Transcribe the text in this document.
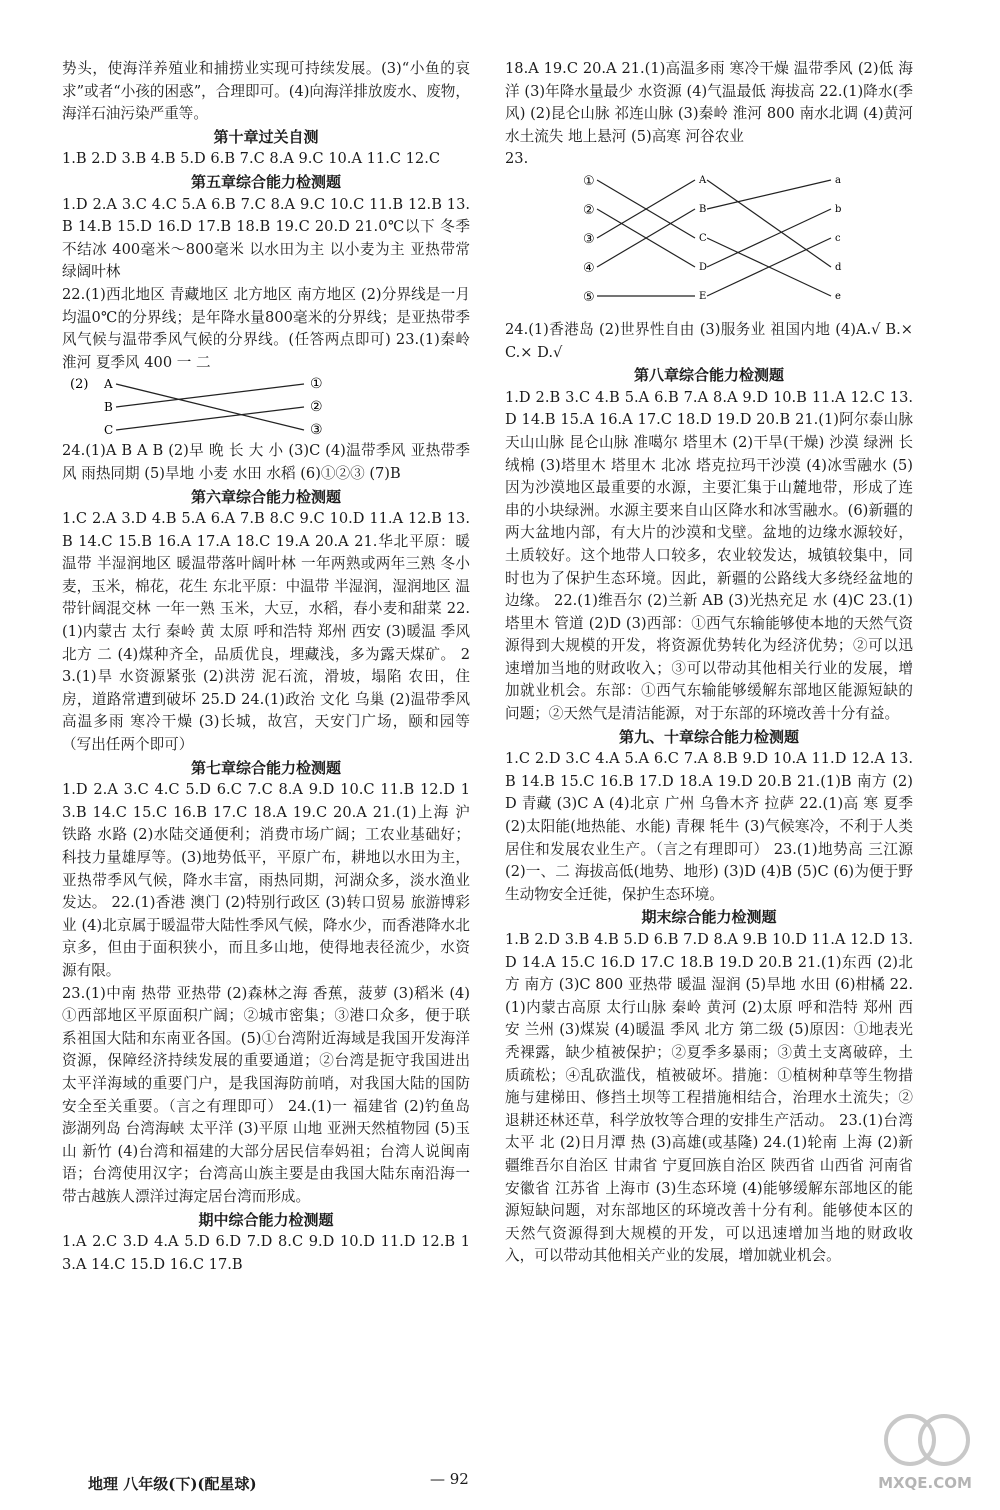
势头，使海洋养殖业和捕捞业实现可持续发展。(3)“小鱼的哀求”或者“小孩的困惑”，合理即可。(4)向海洋排放废水、废物，海洋石油污染严重等。

第十章过关自测

1.B 2.D 3.B 4.B 5.D 6.B 7.C 8.A 9.C 10.A 11.C 12.C

第五章综合能力检测题

1.D 2.A 3.C 4.C 5.A 6.B 7.C 8.A 9.C 10.C 11.B 12.B 13.B 14.B 15.D 16.D 17.B 18.B 19.C 20.D 21.0℃以下 冬季不结冰 400毫米～800毫米 以水田为主 以小麦为主 亚热带常绿阔叶林

22.(1)西北地区 青藏地区 北方地区 南方地区 (2)分界线是一月均温0℃的分界线；是年降水量800毫米的分界线；是亚热带季风气候与温带季风气候的分界线。(任答两点即可) 23.(1)秦岭 淮河 夏季风 400 一 二

(2) A
B
C
①
②
③

24.(1)A B A B (2)早 晚 长 大 小 (3)C (4)温带季风 亚热带季风 雨热同期 (5)旱地 小麦 水田 水稻 (6)①②③ (7)B

第六章综合能力检测题

1.C 2.A 3.D 4.B 5.A 6.A 7.B 8.C 9.C 10.D 11.A 12.B 13.B 14.C 15.B 16.A 17.A 18.C 19.A 20.A 21.华北平原：暖温带 半湿润地区 暖温带落叶阔叶林 一年两熟或两年三熟 冬小麦，玉米，棉花，花生 东北平原：中温带 半湿润，湿润地区 温带针阔混交林 一年一熟 玉米，大豆，水稻，春小麦和甜菜 22.(1)内蒙古 太行 秦岭 黄 太原 呼和浩特 郑州 西安 (3)暖温 季风 北方 二 (4)煤种齐全，品质优良，埋藏浅，多为露天煤矿。 23.(1)旱 水资源紧张 (2)洪涝 泥石流，滑坡，塌陷 农田，住房，道路常遭到破坏 25.D 24.(1)政治 文化 乌巢 (2)温带季风 高温多雨 寒冷干燥 (3)长城，故宫，天安门广场，颐和园等（写出任两个即可）

第七章综合能力检测题

1.D 2.A 3.C 4.C 5.D 6.C 7.C 8.A 9.D 10.C 11.B 12.D 13.B 14.C 15.C 16.B 17.C 18.A 19.C 20.A 21.(1)上海 沪 铁路 水路 (2)水陆交通便利；消费市场广阔；工农业基础好；科技力量雄厚等。(3)地势低平，平原广布，耕地以水田为主，亚热带季风气候，降水丰富，雨热同期，河湖众多，淡水渔业发达。 22.(1)香港 澳门 (2)特别行政区 (3)转口贸易 旅游博彩业 (4)北京属于暖温带大陆性季风气候，降水少，而香港降水北京多，但由于面积狭小，而且多山地，使得地表径流少，水资源有限。

23.(1)中南 热带 亚热带 (2)森林之海 香蕉，菠萝 (3)稻米 (4)①西部地区平原面积广阔；②城市密集；③港口众多，便于联系祖国大陆和东南亚各国。(5)①台湾附近海域是我国开发海洋资源，保障经济持续发展的重要通道；②台湾是扼守我国进出太平洋海域的重要门户，是我国海防前哨，对我国大陆的国防安全至关重要。（言之有理即可） 24.(1)一 福建省 (2)钓鱼岛 澎湖列岛 台湾海峡 太平洋 (3)平原 山地 亚洲天然植物园 (5)玉山 新竹 (4)台湾和福建的大部分居民信奉妈祖；台湾人说闽南语；台湾使用汉字；台湾高山族主要是由我国大陆东南沿海一带古越族人漂洋过海定居台湾而形成。

期中综合能力检测题

1.A 2.C 3.D 4.A 5.D 6.D 7.D 8.C 9.D 10.D 11.D 12.B 13.A 14.C 15.D 16.C 17.B

18.A 19.C 20.A 21.(1)高温多雨 寒冷干燥 温带季风 (2)低 海洋 (3)年降水量最少 水资源 (4)气温最低 海拔高 22.(1)降水(季风) (2)昆仑山脉 祁连山脉 (3)秦岭 淮河 800 南水北调 (4)黄河 水土流失 地上悬河 (5)高寒 河谷农业

23.

①
②
③
④
⑤
A
B
C
D
E
a
b
c
d
e

24.(1)香港岛 (2)世界性自由 (3)服务业 祖国内地 (4)A.√ B.× C.× D.√

第八章综合能力检测题

1.D 2.B 3.C 4.B 5.A 6.B 7.A 8.A 9.D 10.B 11.A 12.C 13.D 14.B 15.A 16.A 17.C 18.D 19.D 20.B 21.(1)阿尔泰山脉 天山山脉 昆仑山脉 准噶尔 塔里木 (2)干旱(干燥) 沙漠 绿洲 长绒棉 (3)塔里木 塔里木 北冰 塔克拉玛干沙漠 (4)冰雪融水 (5)因为沙漠地区最重要的水源，主要汇集于山麓地带，形成了连串的小块绿洲。水源主要来自山区降水和冰雪融水。(6)新疆的两大盆地内部，有大片的沙漠和戈壁。盆地的边缘水源较好，土质较好。这个地带人口较多，农业较发达，城镇较集中，同时也为了保护生态环境。因此，新疆的公路线大多绕经盆地的边缘。 22.(1)维吾尔 (2)兰新 AB (3)光热充足 水 (4)C 23.(1)塔里木 管道 (2)D (3)西部：①西气东输能够使本地的天然气资源得到大规模的开发，将资源优势转化为经济优势；②可以迅速增加当地的财政收入；③可以带动其他相关行业的发展，增加就业机会。东部：①西气东输能够缓解东部地区能源短缺的问题；②天然气是清洁能源，对于东部的环境改善十分有益。

第九、十章综合能力检测题

1.C 2.D 3.C 4.A 5.A 6.C 7.A 8.B 9.D 10.A 11.D 12.A 13.B 14.B 15.C 16.B 17.D 18.A 19.D 20.B 21.(1)B 南方 (2)D 青藏 (3)C A (4)北京 广州 乌鲁木齐 拉萨 22.(1)高 寒 夏季 (2)太阳能(地热能、水能) 青稞 牦牛 (3)气候寒冷，不利于人类居住和发展农业生产。（言之有理即可） 23.(1)地势高 三江源 (2)一、二 海拔高低(地势、地形) (3)D (4)B (5)C (6)为便于野生动物安全迁徙，保护生态环境。

期末综合能力检测题

1.B 2.D 3.B 4.B 5.D 6.B 7.D 8.A 9.B 10.D 11.A 12.D 13.D 14.A 15.C 16.D 17.C 18.B 19.D 20.B 21.(1)东西 (2)北方 南方 (3)C 800 亚热带 暖温 湿润 (5)旱地 水田 (6)柑橘 22.(1)内蒙古高原 太行山脉 秦岭 黄河 (2)太原 呼和浩特 郑州 西安 兰州 (3)煤炭 (4)暖温 季风 北方 第二级 (5)原因：①地表光秃裸露，缺少植被保护；②夏季多暴雨；③黄土支离破碎，土质疏松；④乱砍滥伐，植被破坏。措施：①植树种草等生物措施与建梯田、修挡土坝等工程措施相结合，治理水土流失；②退耕还林还草，科学放牧等合理的安排生产活动。 23.(1)台湾 太平 北 (2)日月潭 热 (3)高雄(或基隆) 24.(1)轮南 上海 (2)新疆维吾尔自治区 甘肃省 宁夏回族自治区 陕西省 山西省 河南省 安徽省 江苏省 上海市 (3)生态环境 (4)能够缓解东部地区的能源短缺问题，对东部地区的环境改善十分有利。能够使本区的天然气资源得到大规模的开发，可以迅速增加当地的财政收入，可以带动其他相关产业的发展，增加就业机会。

地理 八年级(下)(配星球)	— 92	MXQE.COM
